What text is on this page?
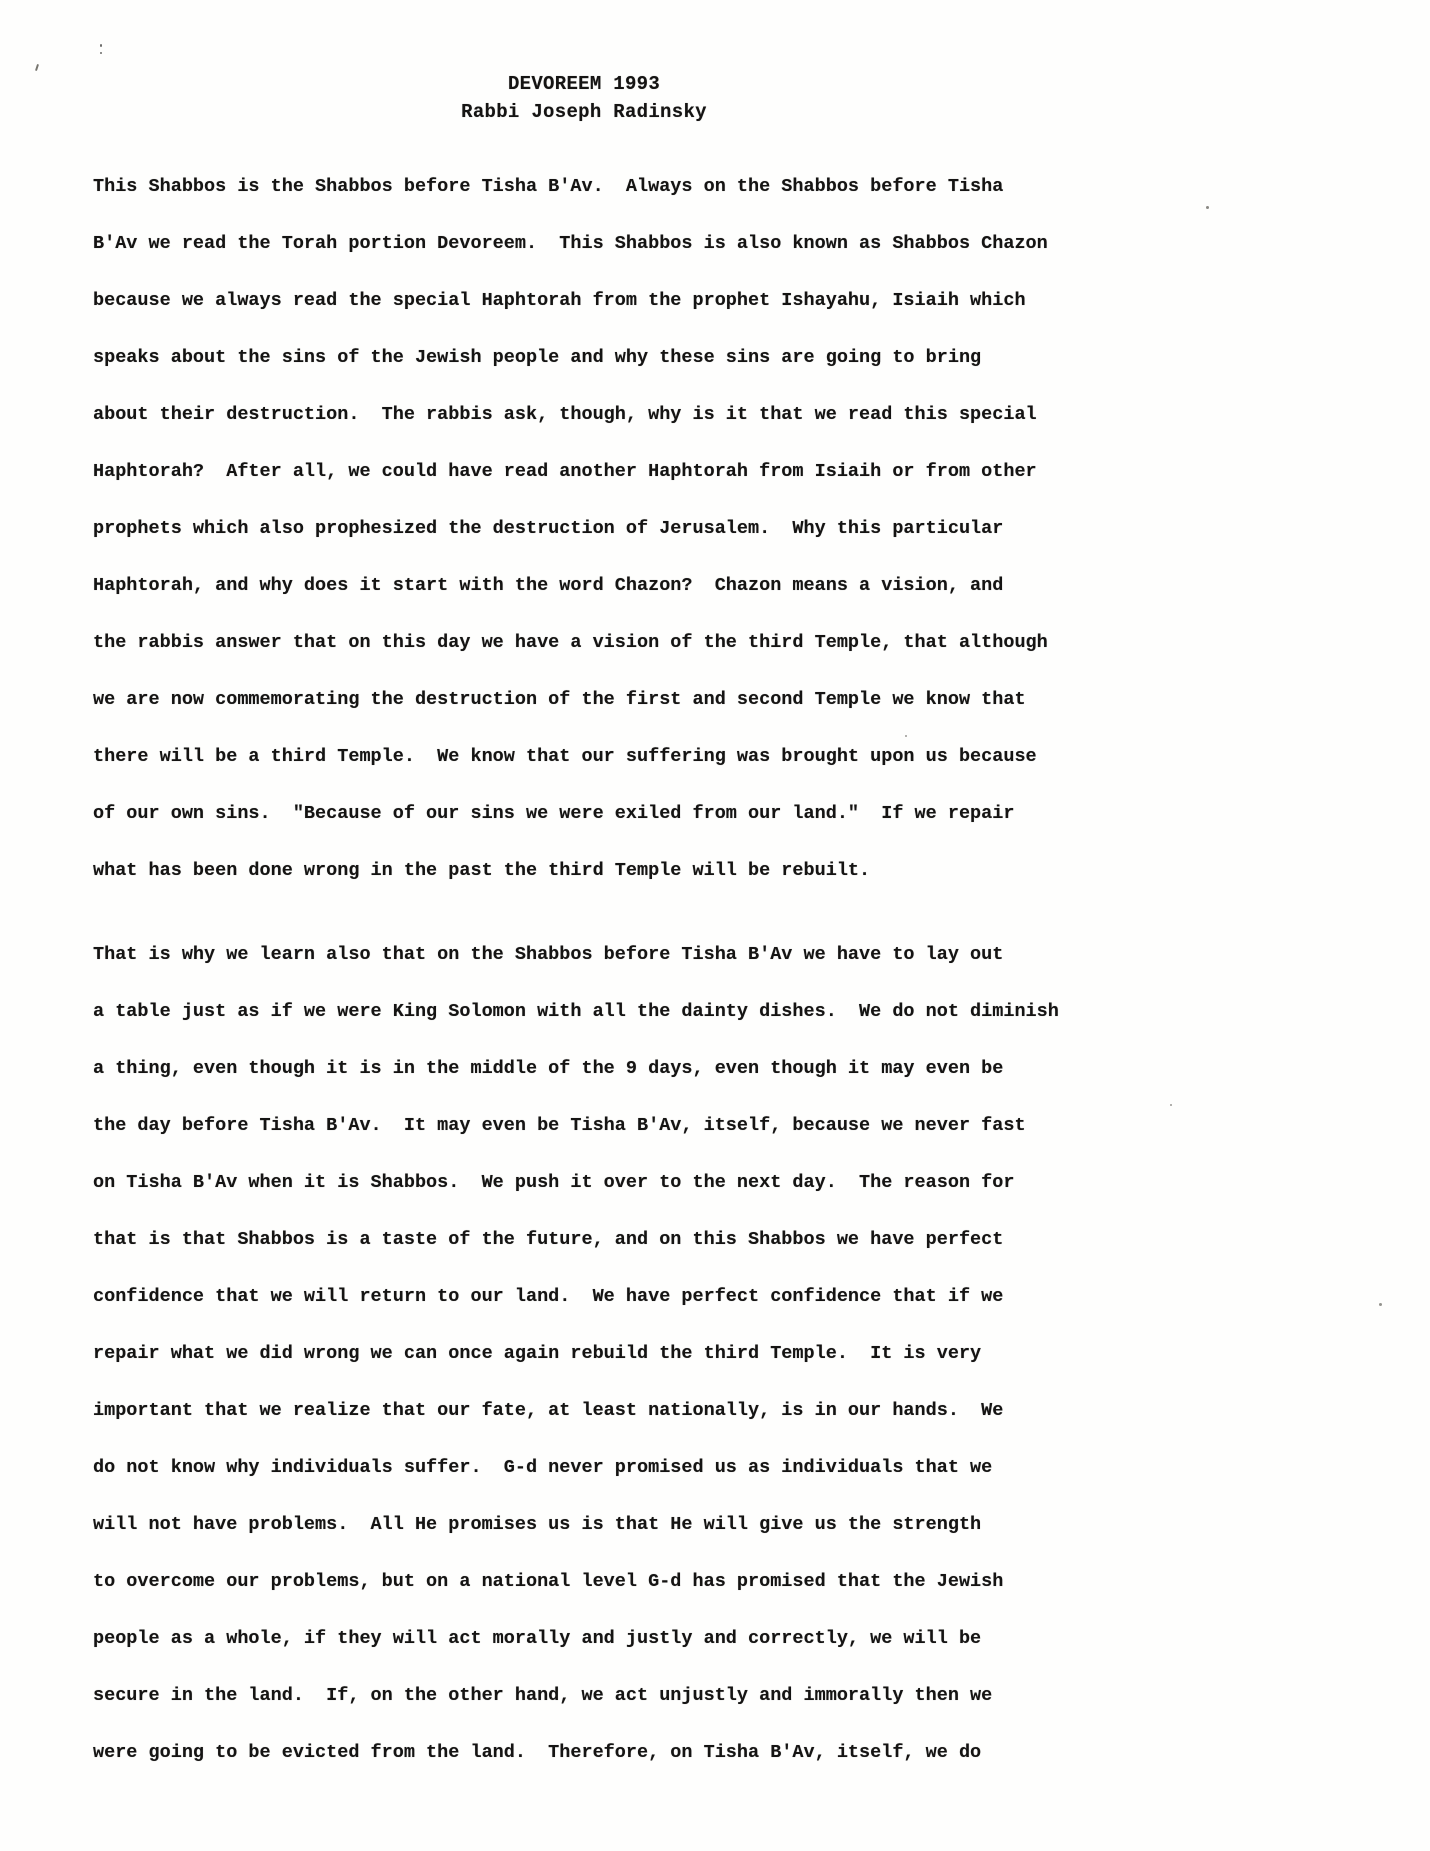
DEVOREEM 1993
Rabbi Joseph Radinsky
This Shabbos is the Shabbos before Tisha B'Av.  Always on the Shabbos before Tisha
B'Av we read the Torah portion Devoreem.  This Shabbos is also known as Shabbos Chazon
because we always read the special Haphtorah from the prophet Ishayahu, Isiaih which
speaks about the sins of the Jewish people and why these sins are going to bring
about their destruction.  The rabbis ask, though, why is it that we read this special
Haphtorah?  After all, we could have read another Haphtorah from Isiaih or from other
prophets which also prophesized the destruction of Jerusalem.  Why this particular
Haphtorah, and why does it start with the word Chazon?  Chazon means a vision, and
the rabbis answer that on this day we have a vision of the third Temple, that although
we are now commemorating the destruction of the first and second Temple we know that
there will be a third Temple.  We know that our suffering was brought upon us because
of our own sins.  "Because of our sins we were exiled from our land."  If we repair
what has been done wrong in the past the third Temple will be rebuilt.
That is why we learn also that on the Shabbos before Tisha B'Av we have to lay out
a table just as if we were King Solomon with all the dainty dishes.  We do not diminish
a thing, even though it is in the middle of the 9 days, even though it may even be
the day before Tisha B'Av.  It may even be Tisha B'Av, itself, because we never fast
on Tisha B'Av when it is Shabbos.  We push it over to the next day.  The reason for
that is that Shabbos is a taste of the future, and on this Shabbos we have perfect
confidence that we will return to our land.  We have perfect confidence that if we
repair what we did wrong we can once again rebuild the third Temple.  It is very
important that we realize that our fate, at least nationally, is in our hands.  We
do not know why individuals suffer.  G-d never promised us as individuals that we
will not have problems.  All He promises us is that He will give us the strength
to overcome our problems, but on a national level G-d has promised that the Jewish
people as a whole, if they will act morally and justly and correctly, we will be
secure in the land.  If, on the other hand, we act unjustly and immorally then we
were going to be evicted from the land.  Therefore, on Tisha B'Av, itself, we do
